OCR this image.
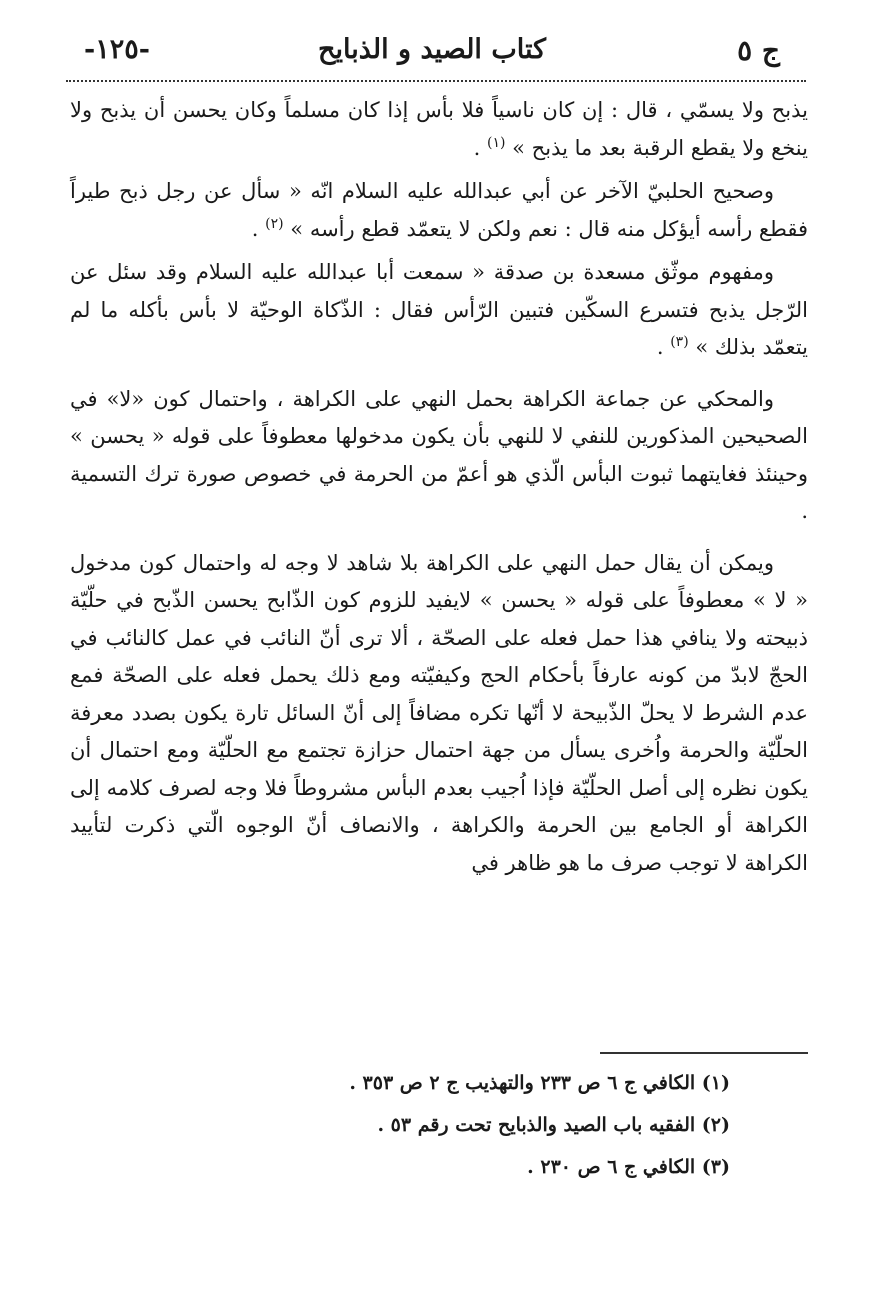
ج ٥
كتاب الصيد و الذبايح
-١٢٥-

يذبح ولا يسمّي ، قال : إن كان ناسياً فلا بأس إذا كان مسلماً وكان يحسن أن يذبح ولا ينخع ولا يقطع الرقبة بعد ما يذبح » $^{(١)}$ .

وصحيح الحلبيّ الآخر عن أبي عبدالله عليه السلام انّه « سأل عن رجل ذبح طيراً فقطع رأسه أيؤكل منه قال : نعم ولكن لا يتعمّد قطع رأسه » $^{(٢)}$ .

ومفهوم موثّق مسعدة بن صدقة « سمعت أبا عبدالله عليه السلام وقد سئل عن الرّجل يذبح فتسرع السكّين فتبين الرّأس فقال : الذّكاة الوحيّة لا بأس بأكله ما لم يتعمّد بذلك » $^{(٣)}$ .

والمحكي عن جماعة الكراهة بحمل النهي على الكراهة ، واحتمال كون «لا» في الصحيحين المذكورين للنفي لا للنهي بأن يكون مدخولها معطوفاً على قوله « يحسن » وحينئذ فغايتهما ثبوت البأس الّذي هو أعمّ من الحرمة في خصوص صورة ترك التسمية .

ويمكن أن يقال حمل النهي على الكراهة بلا شاهد لا وجه له واحتمال كون مدخول « لا » معطوفاً على قوله « يحسن » لايفيد للزوم كون الذّابح يحسن الذّبح في حلّيّة ذبيحته ولا ينافي هذا حمل فعله على الصحّة ، ألا ترى أنّ النائب في عمل كالنائب في الحجّ لابدّ من كونه عارفاً بأحكام الحج وكيفيّته ومع ذلك يحمل فعله على الصحّة فمع عدم الشرط لا يحلّ الذّبيحة لا أنّها تكره مضافاً إلى أنّ السائل تارة يكون بصدد معرفة الحلّيّة والحرمة واُخرى يسأل من جهة احتمال حزازة تجتمع مع الحلّيّة ومع احتمال أن يكون نظره إلى أصل الحلّيّة فإذا اُجيب بعدم البأس مشروطاً فلا وجه لصرف كلامه إلى الكراهة أو الجامع بين الحرمة والكراهة ، والانصاف أنّ الوجوه الّتي ذكرت لتأييد الكراهة لا توجب صرف ما هو ظاهر في

(١) الكافي ج ٦ ص ٢٣٣ والتهذيب ج ٢ ص ٣٥٣ .

(٢) الفقيه باب الصيد والذبايح تحت رقم ٥٣ .

(٣) الكافي ج ٦ ص ٢٣٠ .
